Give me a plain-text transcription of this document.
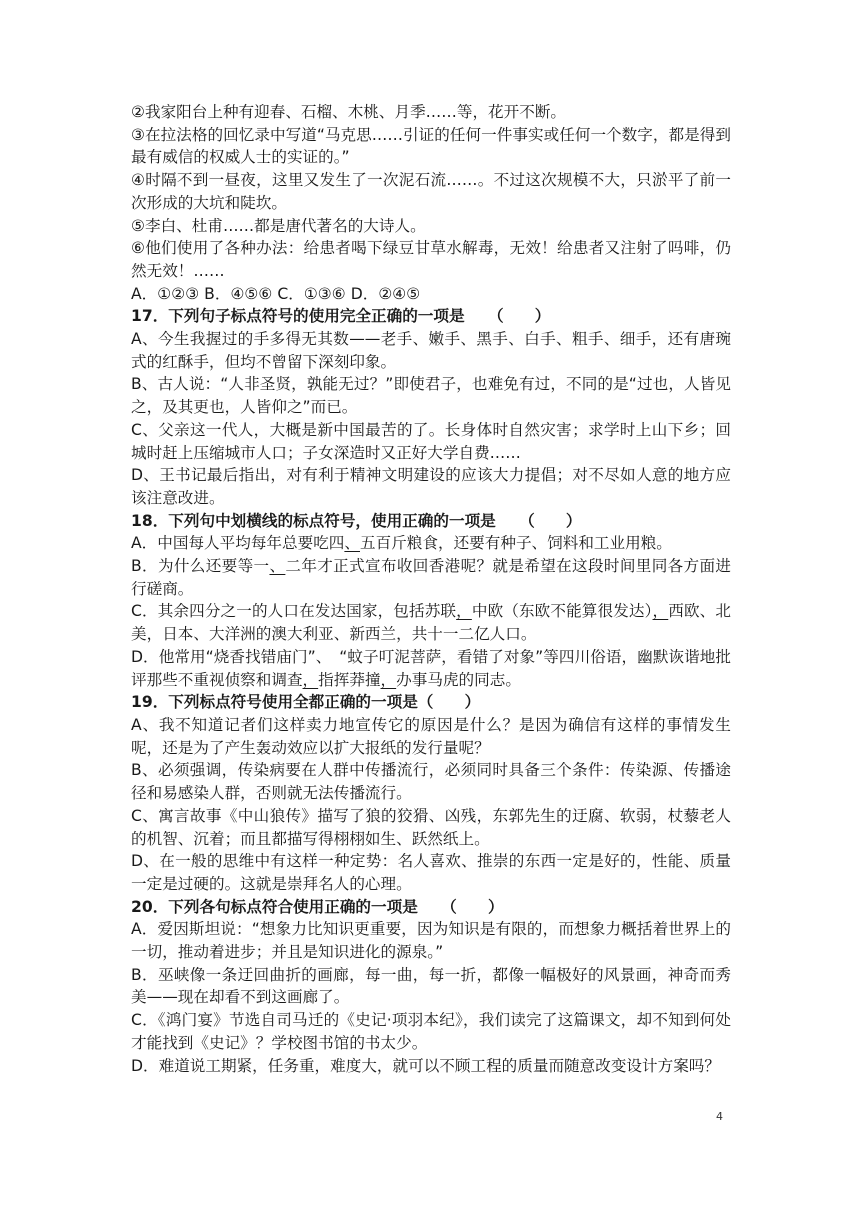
②我家阳台上种有迎春、石榴、木桃、月季……等，花开不断。

③在拉法格的回忆录中写道“马克思……引证的任何一件事实或任何一个数字，都是得到最有威信的权威人士的实证的。”

④时隔不到一昼夜，这里又发生了一次泥石流……。不过这次规模不大，只淤平了前一次形成的大坑和陡坎。

⑤李白、杜甫……都是唐代著名的大诗人。

⑥他们使用了各种办法：给患者喝下绿豆甘草水解毒，无效！给患者又注射了吗啡，仍然无效！……

A．①②③ B．④⑤⑥ C．①③⑥ D．②④⑤

17．下列句子标点符号的使用完全正确的一项是　　（　　）

A、今生我握过的手多得无其数——老手、嫩手、黑手、白手、粗手、细手，还有唐琬式的红酥手，但均不曾留下深刻印象。

B、古人说：“人非圣贤，孰能无过？”即使君子，也难免有过，不同的是“过也，人皆见之，及其更也，人皆仰之”而已。

C、父亲这一代人，大概是新中国最苦的了。长身体时自然灾害；求学时上山下乡；回城时赶上压缩城市人口；子女深造时又正好大学自费……

D、王书记最后指出，对有利于精神文明建设的应该大力提倡；对不尽如人意的地方应该注意改进。

18．下列句中划横线的标点符号，使用正确的一项是　　（　　）

A．中国每人平均每年总要吃四、五百斤粮食，还要有种子、饲料和工业用粮。

B．为什么还要等一、二年才正式宣布收回香港呢？就是希望在这段时间里同各方面进行磋商。

C．其余四分之一的人口在发达国家，包括苏联，中欧（东欧不能算很发达），西欧、北美，日本、大洋洲的澳大利亚、新西兰，共十一二亿人口。

D．他常用“烧香找错庙门”、　“蚊子叮泥菩萨，看错了对象”等四川俗语，幽默诙谐地批评那些不重视侦察和调查，指挥莽撞，办事马虎的同志。

19．下列标点符号使用全都正确的一项是（　　）

A、我不知道记者们这样卖力地宣传它的原因是什么？是因为确信有这样的事情发生呢，还是为了产生轰动效应以扩大报纸的发行量呢？

B、必须强调，传染病要在人群中传播流行，必须同时具备三个条件：传染源、传播途径和易感染人群，否则就无法传播流行。

C、寓言故事《中山狼传》描写了狼的狡猾、凶残，东郭先生的迂腐、软弱，杖藜老人的机智、沉着；而且都描写得栩栩如生、跃然纸上。

D、在一般的思维中有这样一种定势：名人喜欢、推崇的东西一定是好的，性能、质量一定是过硬的。这就是崇拜名人的心理。

20．下列各句标点符合使用正确的一项是　　（　　）

A．爱因斯坦说：“想象力比知识更重要，因为知识是有限的，而想象力概括着世界上的一切，推动着进步；并且是知识进化的源泉。”

B．巫峡像一条迂回曲折的画廊，每一曲，每一折，都像一幅极好的风景画，神奇而秀美——现在却看不到这画廊了。

C．《鸿门宴》节选自司马迁的《史记·项羽本纪》，我们读完了这篇课文，却不知到何处才能找到《史记》？学校图书馆的书太少。

D．难道说工期紧，任务重，难度大，就可以不顾工程的质量而随意改变设计方案吗？

4
